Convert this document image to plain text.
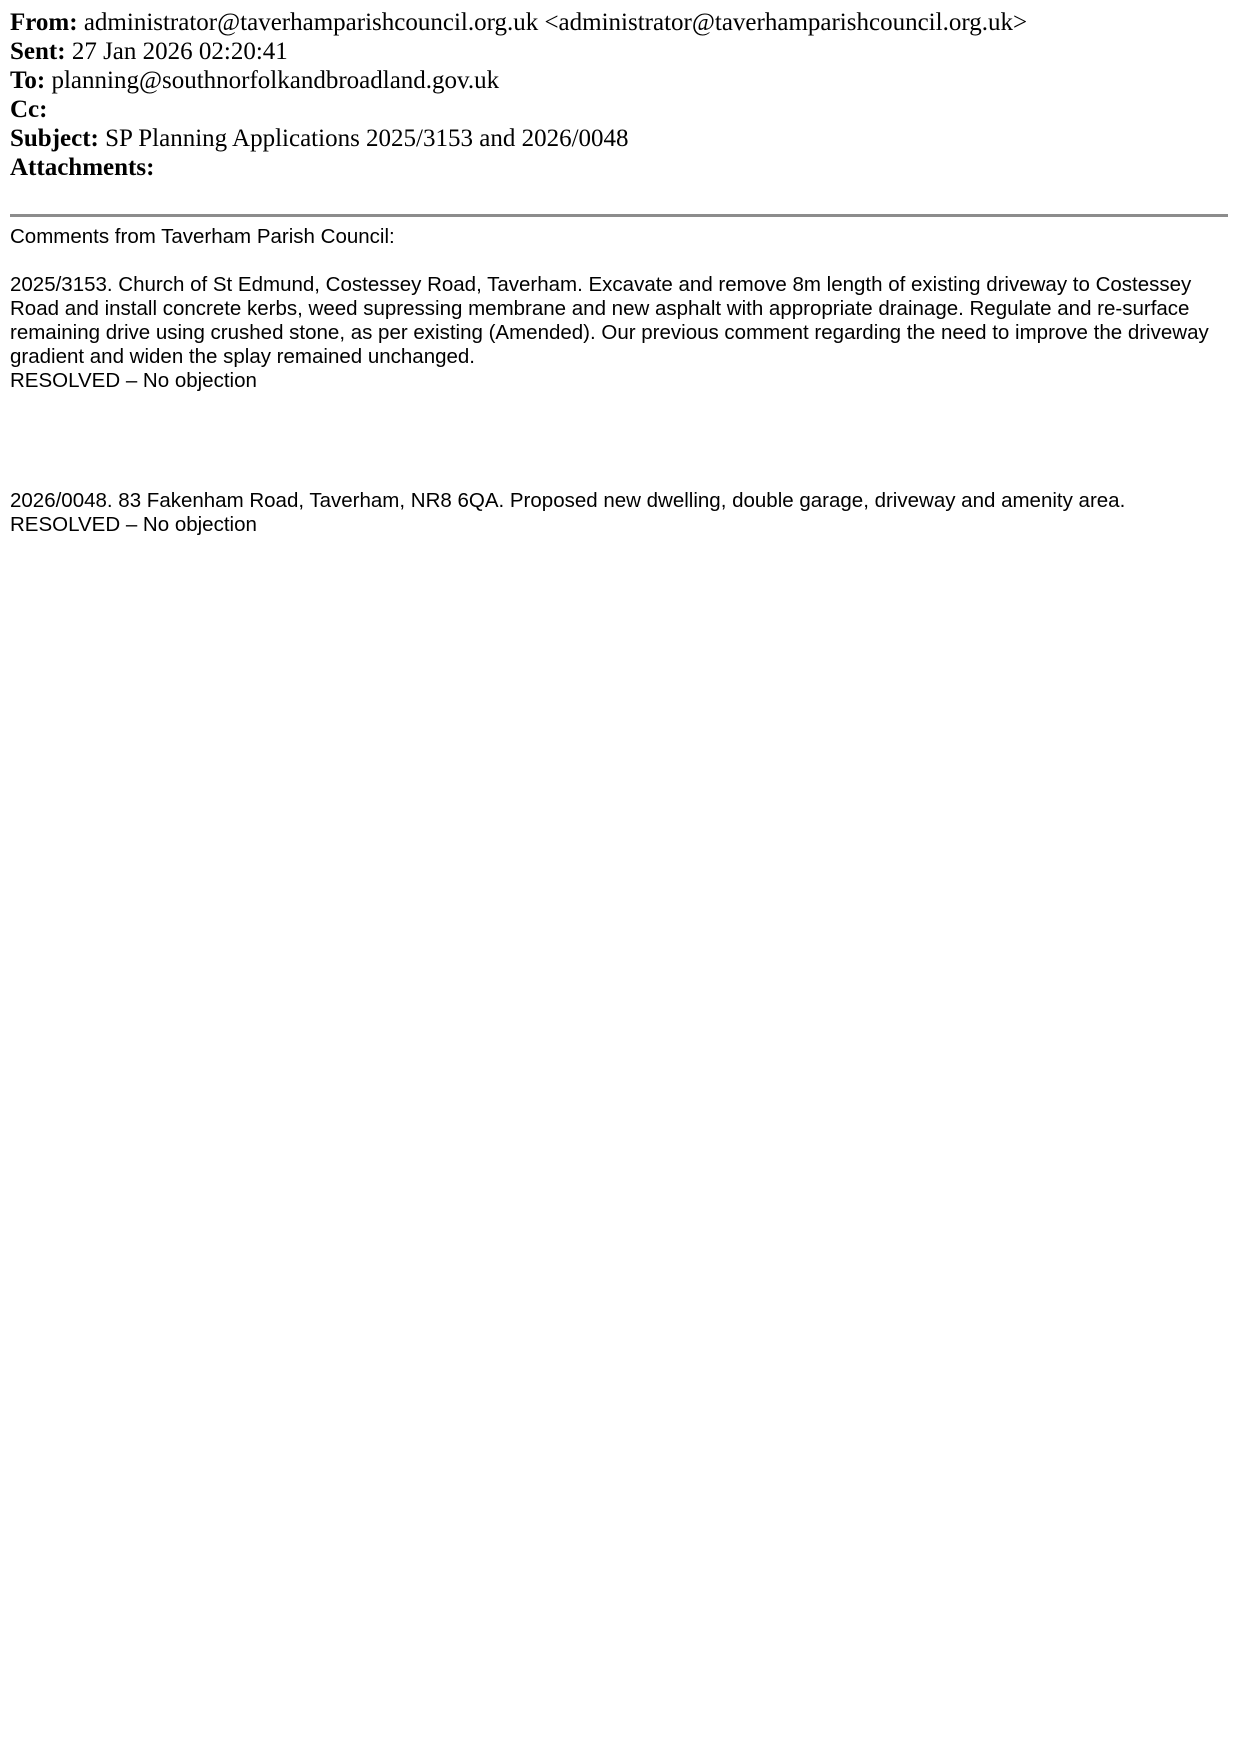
From: administrator@taverhamparishcouncil.org.uk <administrator@taverhamparishcouncil.org.uk>
Sent: 27 Jan 2026 02:20:41
To: planning@southnorfolkandbroadland.gov.uk
Cc:
Subject: SP Planning Applications 2025/3153 and 2026/0048
Attachments:

Comments from Taverham Parish Council:

2025/3153. Church of St Edmund, Costessey Road, Taverham. Excavate and remove 8m length of existing driveway to Costessey Road and install concrete kerbs, weed supressing membrane and new asphalt with appropriate drainage. Regulate and re-surface remaining drive using crushed stone, as per existing (Amended). Our previous comment regarding the need to improve the driveway gradient and widen the splay remained unchanged.

RESOLVED – No objection

2026/0048. 83 Fakenham Road, Taverham, NR8 6QA. Proposed new dwelling, double garage, driveway and amenity area.

RESOLVED – No objection
